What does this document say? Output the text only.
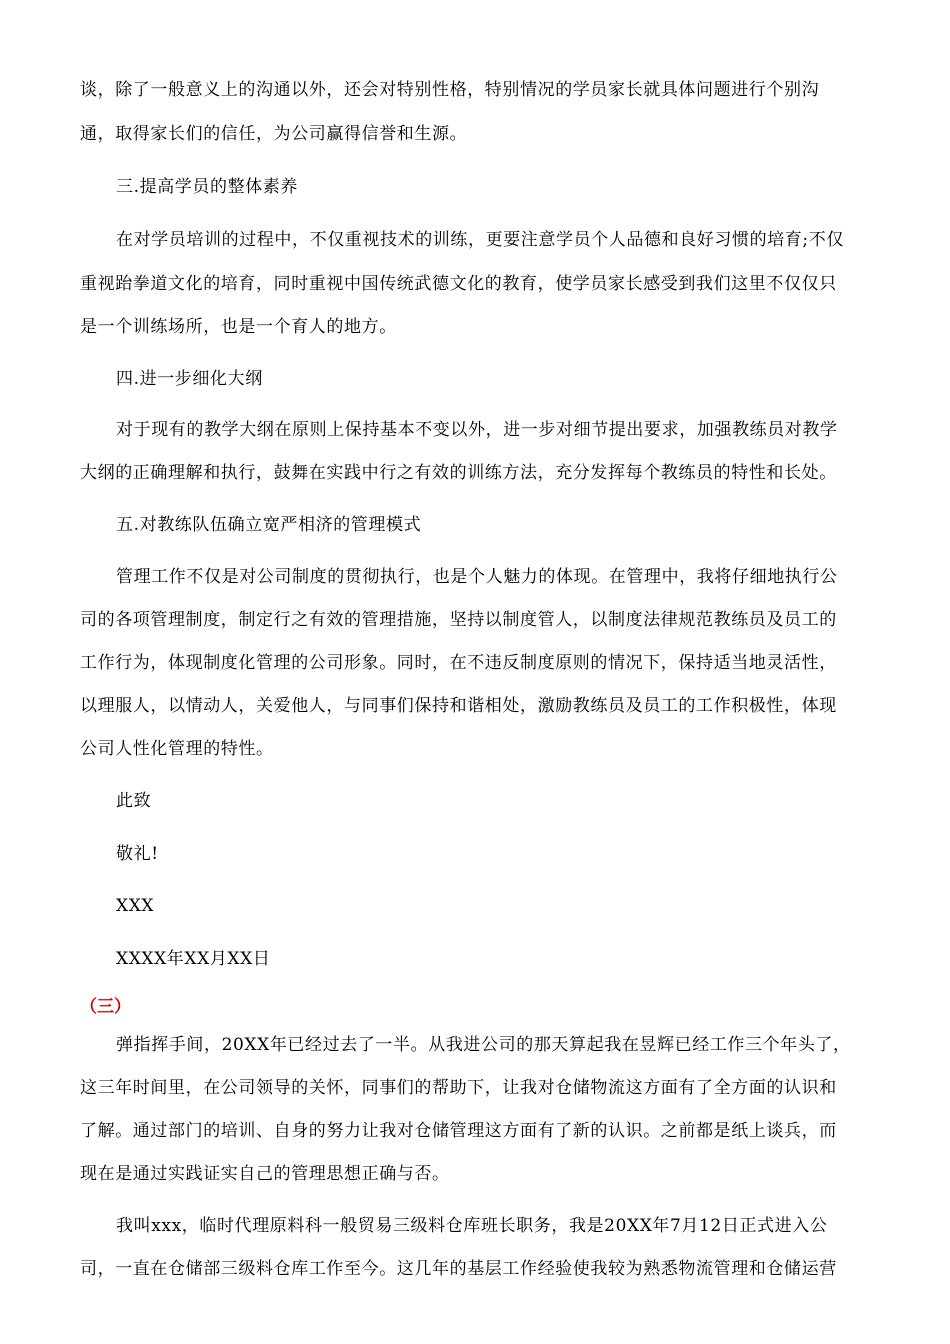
谈，除了一般意义上的沟通以外，还会对特别性格，特别情况的学员家长就具体问题进行个别沟
通，取得家长们的信任，为公司赢得信誉和生源。
三.提高学员的整体素养
在对学员培训的过程中，不仅重视技术的训练，更要注意学员个人品德和良好习惯的培育;不仅
重视跆拳道文化的培育，同时重视中国传统武德文化的教育，使学员家长感受到我们这里不仅仅只
是一个训练场所，也是一个育人的地方。
四.进一步细化大纲
对于现有的教学大纲在原则上保持基本不变以外，进一步对细节提出要求，加强教练员对教学
大纲的正确理解和执行，鼓舞在实践中行之有效的训练方法，充分发挥每个教练员的特性和长处。
五.对教练队伍确立宽严相济的管理模式
管理工作不仅是对公司制度的贯彻执行，也是个人魅力的体现。在管理中，我将仔细地执行公
司的各项管理制度，制定行之有效的管理措施，坚持以制度管人，以制度法律规范教练员及员工的
工作行为，体现制度化管理的公司形象。同时，在不违反制度原则的情况下，保持适当地灵活性，
以理服人，以情动人，关爱他人，与同事们保持和谐相处，激励教练员及员工的工作积极性，体现
公司人性化管理的特性。
此致
敬礼!
XXX
XXXX年XX月XX日
（三）
弹指挥手间，20XX年已经过去了一半。从我进公司的那天算起我在昱辉已经工作三个年头了，
这三年时间里，在公司领导的关怀，同事们的帮助下，让我对仓储物流这方面有了全方面的认识和
了解。通过部门的培训、自身的努力让我对仓储管理这方面有了新的认识。之前都是纸上谈兵，而
现在是通过实践证实自己的管理思想正确与否。
我叫xxx，临时代理原料科一般贸易三级料仓库班长职务，我是20XX年7月12日正式进入公
司，一直在仓储部三级料仓库工作至今。这几年的基层工作经验使我较为熟悉物流管理和仓储运营
